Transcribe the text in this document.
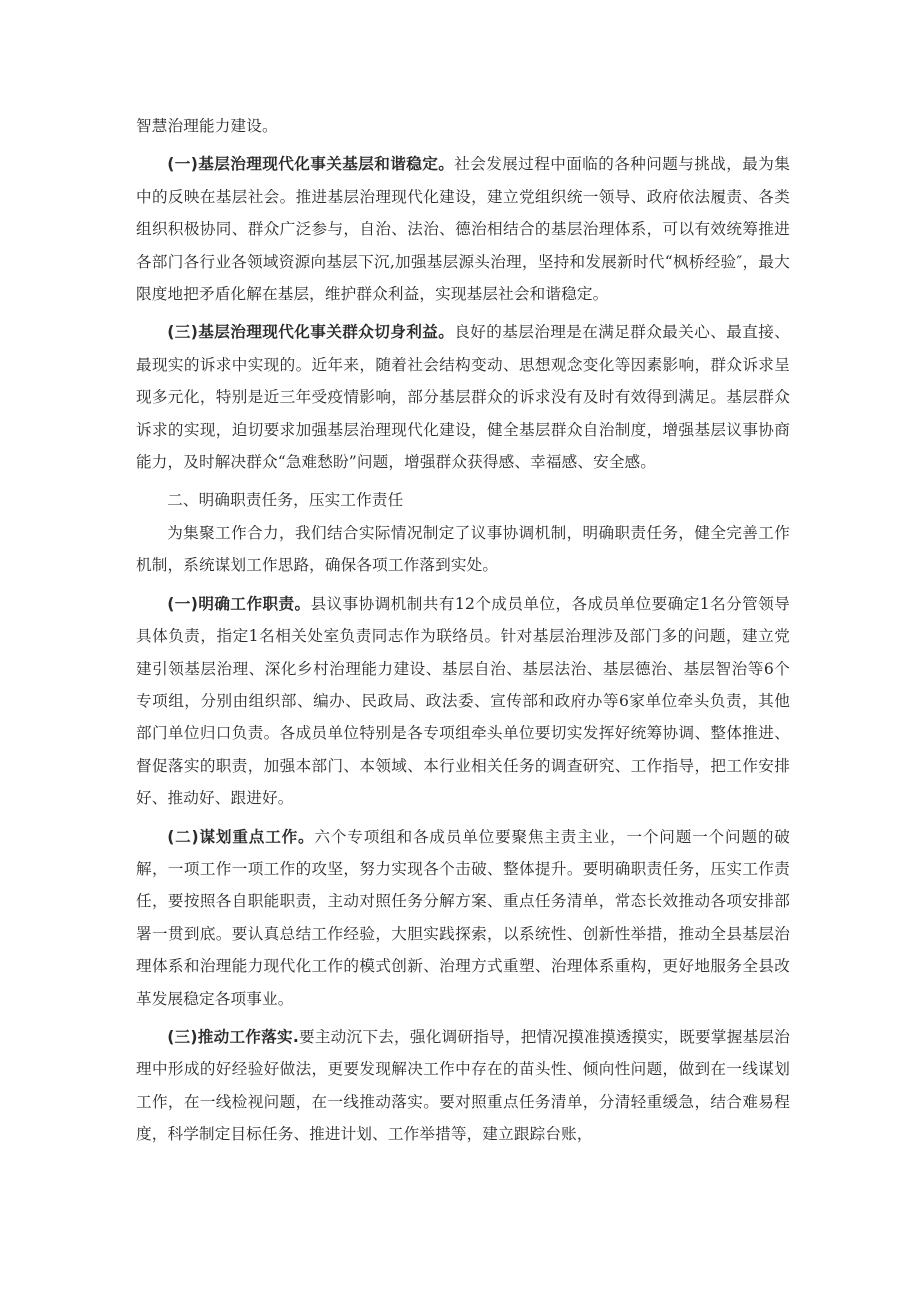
智慧治理能力建设。

(一)基层治理现代化事关基层和谐稳定。社会发展过程中面临的各种问题与挑战，最为集中的反映在基层社会。推进基层治理现代化建设，建立党组织统一领导、政府依法履责、各类组织积极协同、群众广泛参与，自治、法治、德治相结合的基层治理体系，可以有效统筹推进各部门各行业各领域资源向基层下沉,加强基层源头治理，坚持和发展新时代“枫桥经验″，最大限度地把矛盾化解在基层，维护群众利益，实现基层社会和谐稳定。

(三)基层治理现代化事关群众切身利益。良好的基层治理是在满足群众最关心、最直接、最现实的诉求中实现的。近年来，随着社会结构变动、思想观念变化等因素影响，群众诉求呈现多元化，特别是近三年受疫情影响，部分基层群众的诉求没有及时有效得到满足。基层群众诉求的实现，迫切要求加强基层治理现代化建设，健全基层群众自治制度，增强基层议事协商能力，及时解决群众“急难愁盼”问题，增强群众获得感、幸福感、安全感。

二、明确职责任务，压实工作责任

为集聚工作合力，我们结合实际情况制定了议事协调机制，明确职责任务，健全完善工作机制，系统谋划工作思路，确保各项工作落到实处。

(一)明确工作职责。县议事协调机制共有12个成员单位，各成员单位要确定1名分管领导具体负责，指定1名相关处室负责同志作为联络员。针对基层治理涉及部门多的问题，建立党建引领基层治理、深化乡村治理能力建设、基层自治、基层法治、基层德治、基层智治等6个专项组，分别由组织部、编办、民政局、政法委、宣传部和政府办等6家单位牵头负责，其他部门单位归口负责。各成员单位特别是各专项组牵头单位要切实发挥好统筹协调、整体推进、督促落实的职责，加强本部门、本领域、本行业相关任务的调查研究、工作指导，把工作安排好、推动好、跟进好。

(二)谋划重点工作。六个专项组和各成员单位要聚焦主责主业，一个问题一个问题的破解，一项工作一项工作的攻坚，努力实现各个击破、整体提升。要明确职责任务，压实工作责任，要按照各自职能职责，主动对照任务分解方案、重点任务清单，常态长效推动各项安排部署一贯到底。要认真总结工作经验，大胆实践探索，以系统性、创新性举措，推动全县基层治理体系和治理能力现代化工作的模式创新、治理方式重塑、治理体系重构，更好地服务全县改革发展稳定各项事业。

(三)推动工作落实.要主动沉下去，强化调研指导，把情况摸准摸透摸实，既要掌握基层治理中形成的好经验好做法，更要发现解决工作中存在的苗头性、倾向性问题，做到在一线谋划工作，在一线检视问题，在一线推动落实。要对照重点任务清单，分清轻重缓急，结合难易程度，科学制定目标任务、推进计划、工作举措等，建立跟踪台账，
